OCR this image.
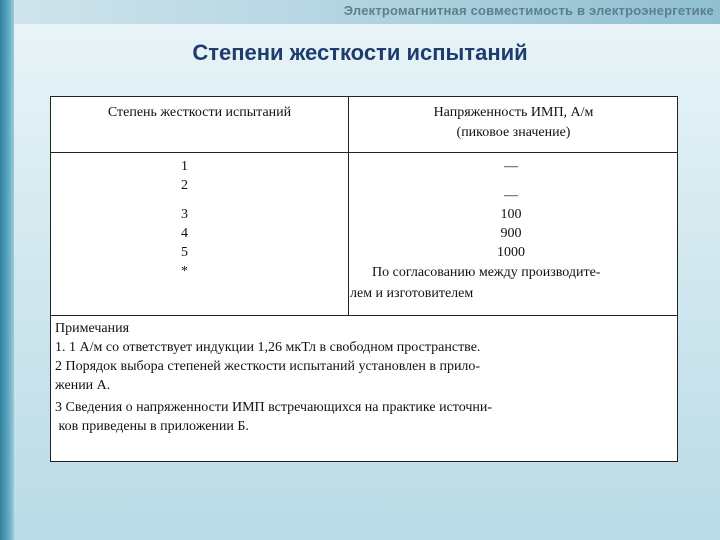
Электромагнитная совместимость в электроэнергетике
Степени жесткости испытаний
Степень жесткости испытаний	Напряженность ИМП, А/м
(пиковое значение)
1
2
3
4
5
*
—
—
100
900
1000
По согласованию между производите-
лем и изготовителем
Примечания
1. 1 А/м со ответствует индукции 1,26 мкТл в свободном пространстве.
2 Порядок выбора степеней жесткости испытаний установлен в прило-
жении А.
3 Сведения о напряженности ИМП встречающихся на практике источни-
ков приведены в приложении Б.
